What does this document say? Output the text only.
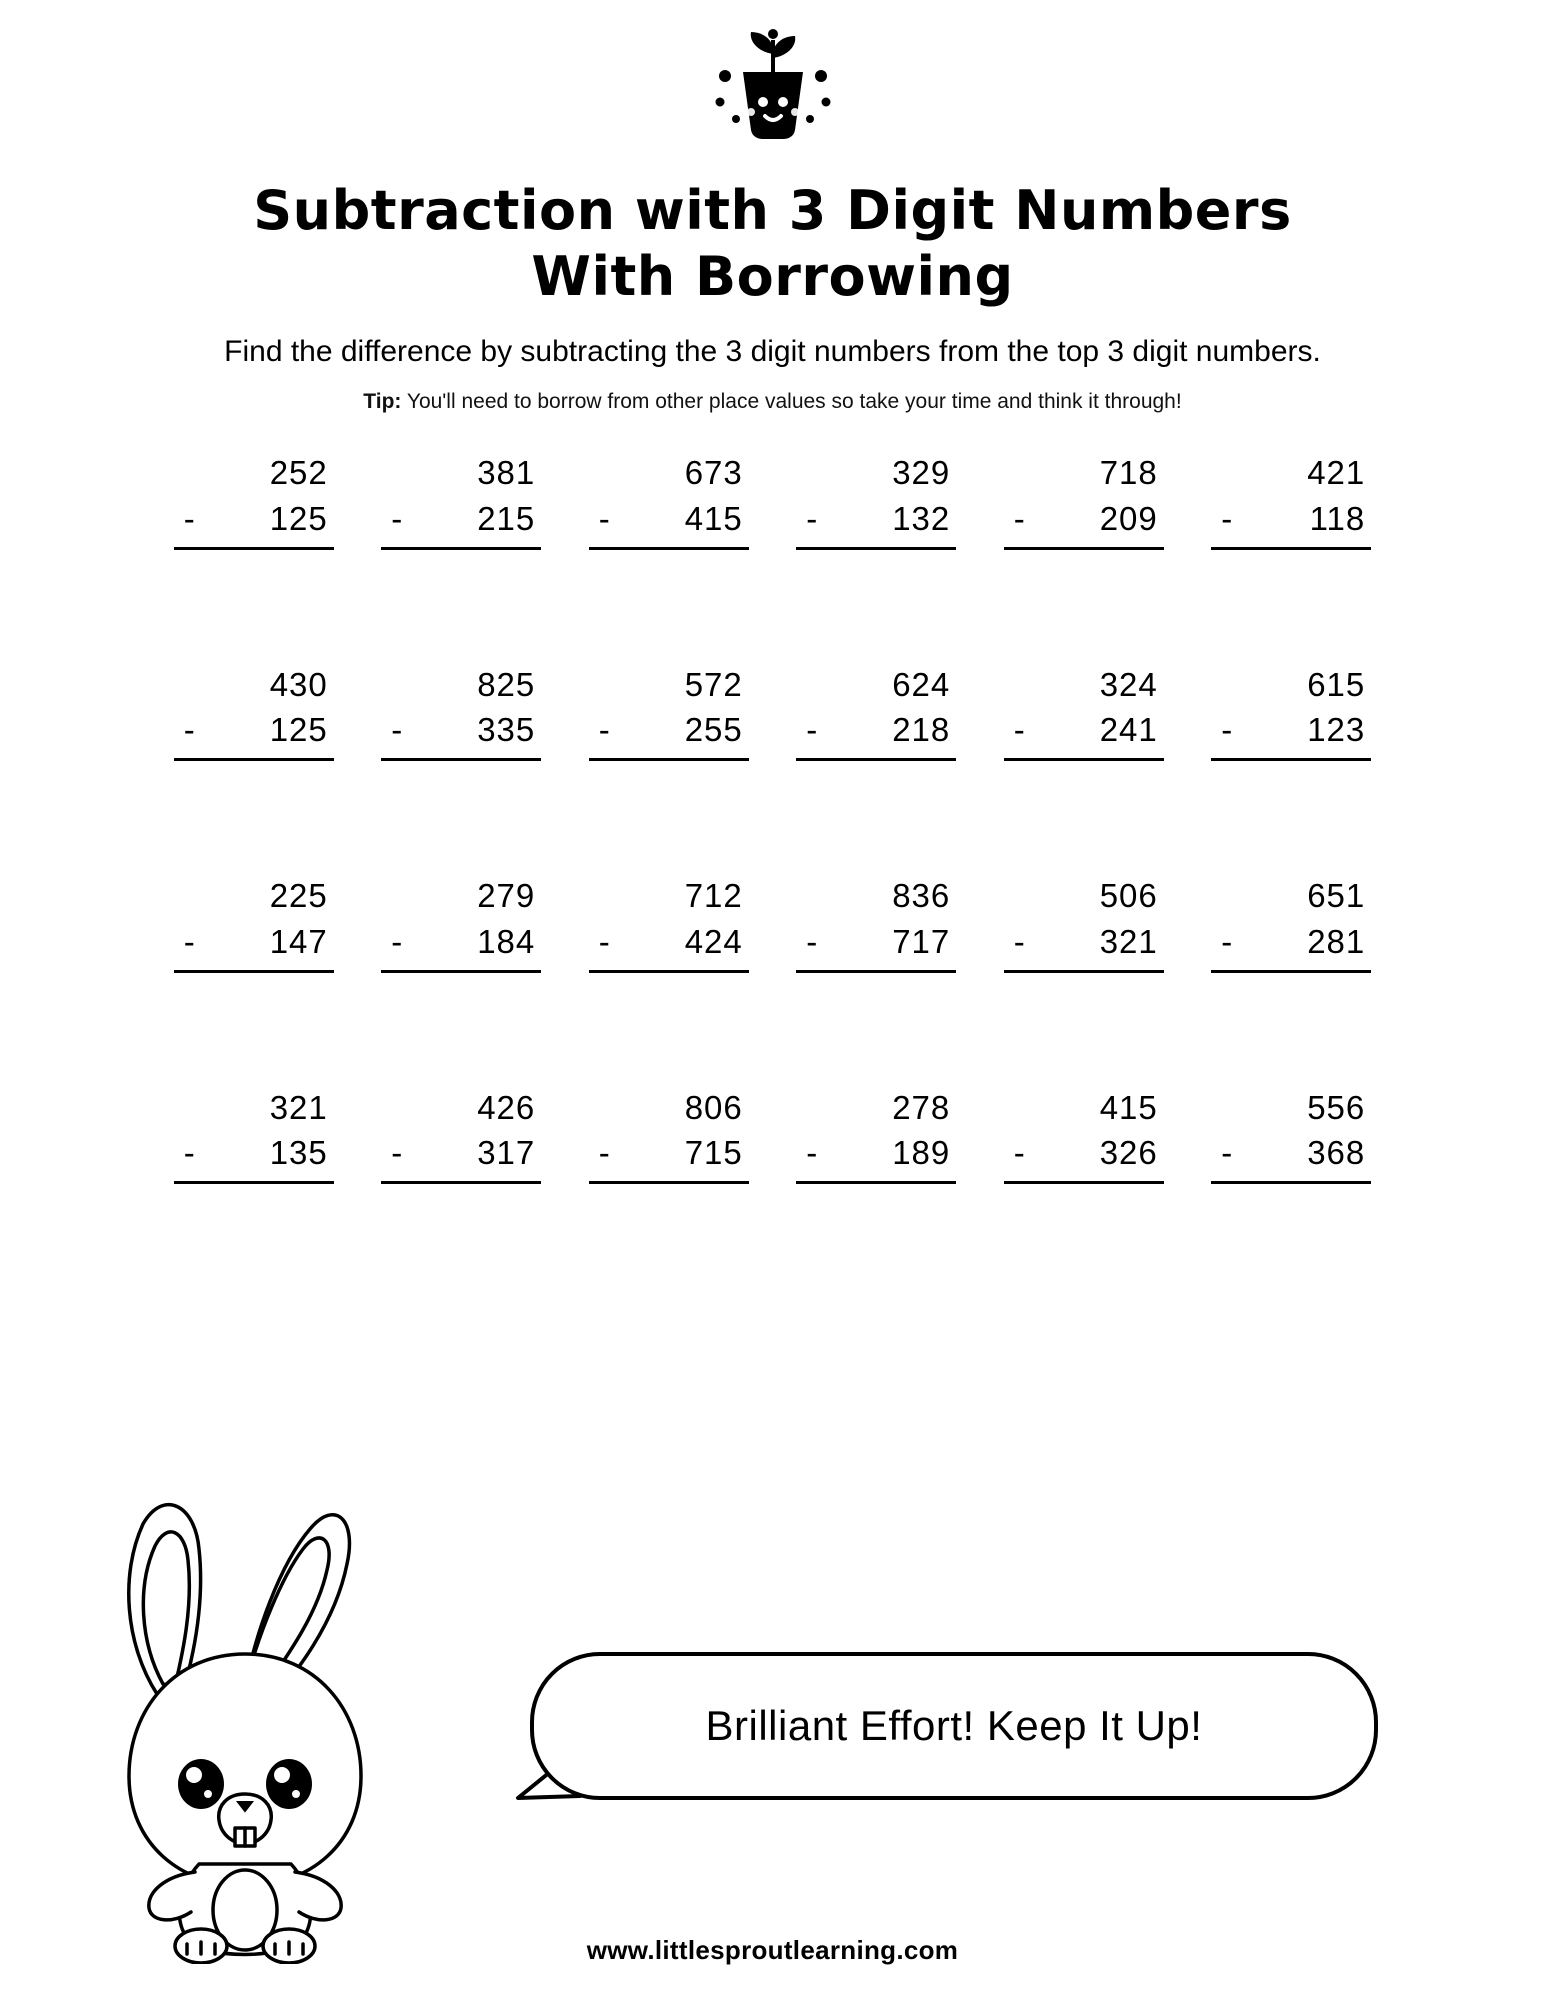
Subtraction with 3 Digit Numbers
With Borrowing

Find the difference by subtracting the 3 digit numbers from the top 3 digit numbers.

Tip: You'll need to borrow from other place values so take your time and think it through!

252
-	125
381
-	215
673
-	415
329
-	132
718
-	209
421
-	118
430
-	125
825
-	335
572
-	255
624
-	218
324
-	241
615
-	123
225
-	147
279
-	184
712
-	424
836
-	717
506
-	321
651
-	281
321
-	135
426
-	317
806
-	715
278
-	189
415
-	326
556
-	368
Brilliant Effort! Keep It Up!
www.littlesproutlearning.com
